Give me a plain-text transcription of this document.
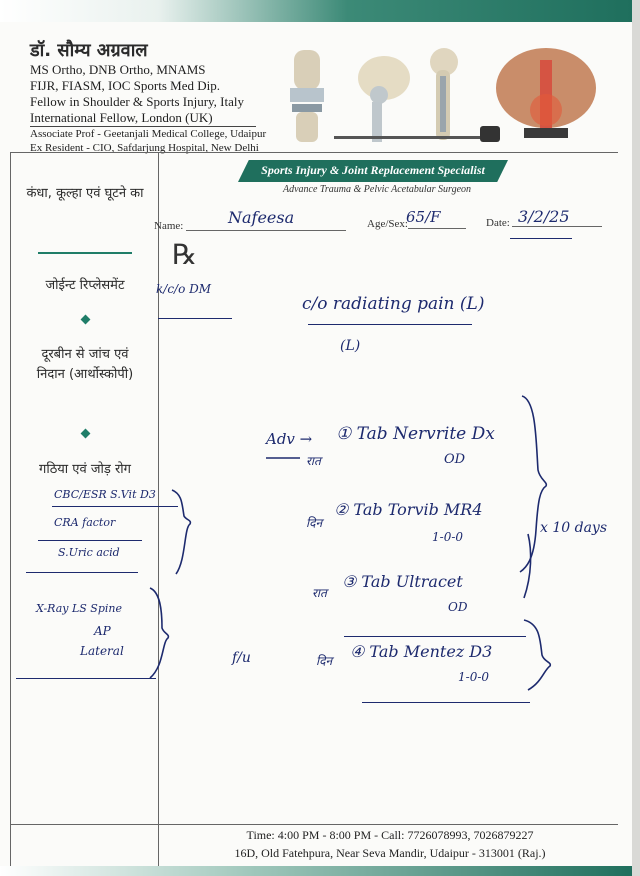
डॉ. सौम्य अग्रवाल
MS Ortho, DNB Ortho, MNAMS
FIJR, FIASM, IOC Sports Med Dip.
Fellow in Shoulder & Sports Injury, Italy
International Fellow, London (UK)
Associate Prof - Geetanjali Medical College, Udaipur
Ex Resident - CIO, Safdarjung Hospital, New Delhi
Sports Injury & Joint Replacement Specialist
Advance Trauma & Pelvic Acetabular Surgeon
कंधा, कूल्हा एवं घूटने का
जोईन्ट रिप्लेसमेंट
दूरबीन से जांच एवं निदान (आर्थोस्कोपी)
गठिया एवं जोड़ रोग
Name:	Age/Sex:	Date:
℞
Nafeesa	65/F	3/2/25
k/c/o DM
c/o radiating pain (L)
(L)
CBC/ESR S.Vit D3
CRA factor
S.Uric acid
X-Ray LS Spine
AP
Lateral
Adv →
रात
① Tab Nervrite Dx
OD
दिन
② Tab Torvib MR4
1-0-0
रात
③ Tab Ultracet
OD
दिन ④ Tab Mentez D3
1-0-0
x 10 days
f/u
Time: 4:00 PM - 8:00 PM - Call: 7726078993, 7026879227
16D, Old Fatehpura, Near Seva Mandir, Udaipur - 313001 (Raj.)
